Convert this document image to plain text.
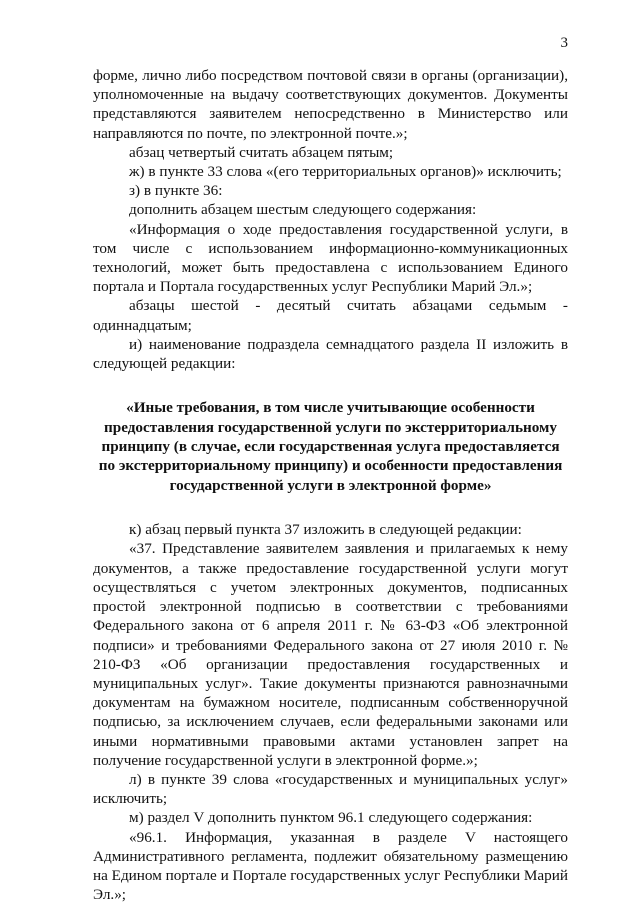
3

форме, лично либо посредством почтовой связи в органы (организации), уполномоченные на выдачу соответствующих документов. Документы представляются заявителем непосредственно в Министерство или направляются по почте, по электронной почте.»;

абзац четвертый считать абзацем пятым;

ж) в пункте 33 слова «(его территориальных органов)» исключить;

з) в пункте 36:

дополнить абзацем шестым следующего содержания:

«Информация о ходе предоставления государственной услуги, в том числе с использованием информационно-коммуникационных технологий, может быть предоставлена с использованием Единого портала и Портала государственных услуг Республики Марий Эл.»;

абзацы шестой - десятый считать абзацами седьмым - одиннадцатым;

и) наименование подраздела семнадцатого раздела II изложить в следующей редакции:

«Иные требования, в том числе учитывающие особенности предоставления государственной услуги по экстерриториальному принципу (в случае, если государственная услуга предоставляется по экстерриториальному принципу) и особенности предоставления государственной услуги в электронной форме»

к) абзац первый пункта 37 изложить в следующей редакции:

«37. Представление заявителем заявления и прилагаемых к нему документов, а также предоставление государственной услуги могут осуществляться с учетом электронных документов, подписанных простой электронной подписью в соответствии с требованиями Федерального закона от 6 апреля 2011 г. № 63-ФЗ «Об электронной подписи» и требованиями Федерального закона от 27 июля 2010 г. № 210-ФЗ «Об организации предоставления государственных и муниципальных услуг». Такие документы признаются равнозначными документам на бумажном носителе, подписанным собственноручной подписью, за исключением случаев, если федеральными законами или иными нормативными правовыми актами установлен запрет на получение государственной услуги в электронной форме.»;

л) в пункте 39 слова «государственных и муниципальных услуг» исключить;

м) раздел V дополнить пунктом 96.1 следующего содержания:

«96.1. Информация, указанная в разделе V настоящего Административного регламента, подлежит обязательному размещению на Едином портале и Портале государственных услуг Республики Марий Эл.»;
